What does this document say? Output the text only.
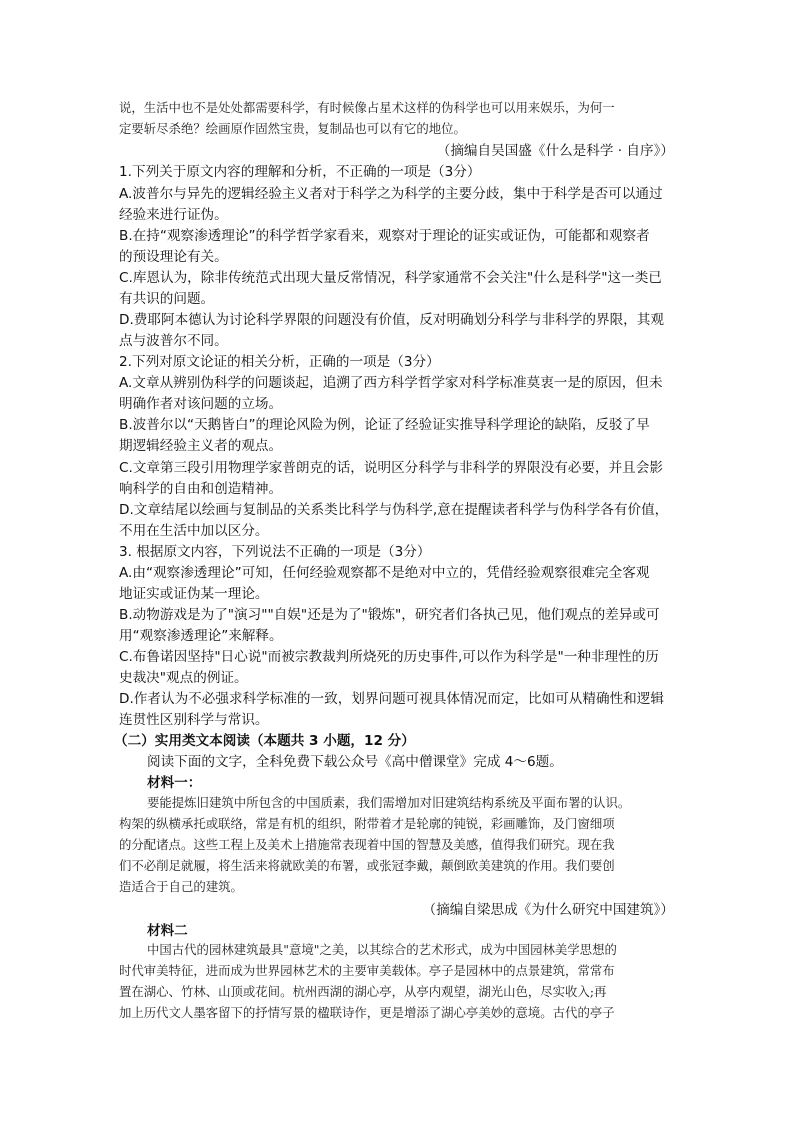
说，生活中也不是处处都需要科学，有时候像占星术这样的伪科学也可以用来娱乐，为何一
定要斩尽杀绝？绘画原作固然宝贵，复制品也可以有它的地位。
（摘编自吴国盛《什么是科学 · 自序》）
1.下列关于原文内容的理解和分析，不正确的一项是（3分）
A.波普尔与异先的逻辑经验主义者对于科学之为科学的主要分歧，集中于科学是否可以通过
经验来进行证伪。
B.在持“观察渗透理论”的科学哲学家看来，观察对于理论的证实或证伪，可能都和观察者
的预设理论有关。
C.库恩认为，除非传统范式出现大量反常情况，科学家通常不会关注"什么是科学"这一类已
有共识的问题。
D.费耶阿本德认为讨论科学界限的问题没有价值，反对明确划分科学与非科学的界限，其观
点与波普尔不同。
2.下列对原文论证的相关分析，正确的一项是（3分）
A.文章从辨别伪科学的问题谈起，追溯了西方科学哲学家对科学标准莫衷一是的原因，但未
明确作者对该问题的立场。
B.波普尔以“天鹅皆白”的理论风险为例，论证了经验证实推导科学理论的缺陷，反驳了早
期逻辑经验主义者的观点。
C.文章第三段引用物理学家普朗克的话，说明区分科学与非科学的界限没有必要，并且会影
响科学的自由和创造精神。
D.文章结尾以绘画与复制品的关系类比科学与伪科学,意在提醒读者科学与伪科学各有价值，
不用在生活中加以区分。
3. 根据原文内容，下列说法不正确的一项是（3分）
A.由“观察渗透理论”可知，任何经验观察都不是绝对中立的，凭借经验观察很难完全客观
地证实或证伪某一理论。
B.动物游戏是为了"演习""自娱"还是为了"锻炼"，研究者们各执己见，他们观点的差异或可
用“观察渗透理论”来解释。
C.布鲁诺因坚持"日心说"而被宗教裁判所烧死的历史事件,可以作为科学是"一种非理性的历
史裁决"观点的例证。
D.作者认为不必强求科学标准的一致，划界问题可视具体情况而定，比如可从精确性和逻辑
连贯性区别科学与常识。
（二）实用类文本阅读（本题共 3 小题，12 分）
阅读下面的文字，全科免费下载公众号《高中僧课堂》完成 4～6题。
材料一：
要能提炼旧建筑中所包含的中国质素，我们需增加对旧建筑结构系统及平面布署的认识。
构架的纵横承托或联络，常是有机的组织，附带着才是轮廓的钝锐，彩画雕饰，及门窗细项
的分配诸点。这些工程上及美术上措施常表现着中国的智慧及美感，值得我们研究。现在我
们不必削足就履，将生活来将就欧美的布署，或张冠李戴，颠倒欧美建筑的作用。我们要创
造适合于自己的建筑。
（摘编自梁思成《为什么研究中国建筑》）
材料二
中国古代的园林建筑最具"意境"之美，以其综合的艺术形式，成为中国园林美学思想的
时代审美特征，进而成为世界园林艺术的主要审美载体。亭子是园林中的点景建筑，常常布
置在湖心、竹林、山顶或花间。杭州西湖的湖心亭，从亭内观望，湖光山色，尽实收入;再
加上历代文人墨客留下的抒情写景的楹联诗作，更是增添了湖心亭美妙的意境。古代的亭子
